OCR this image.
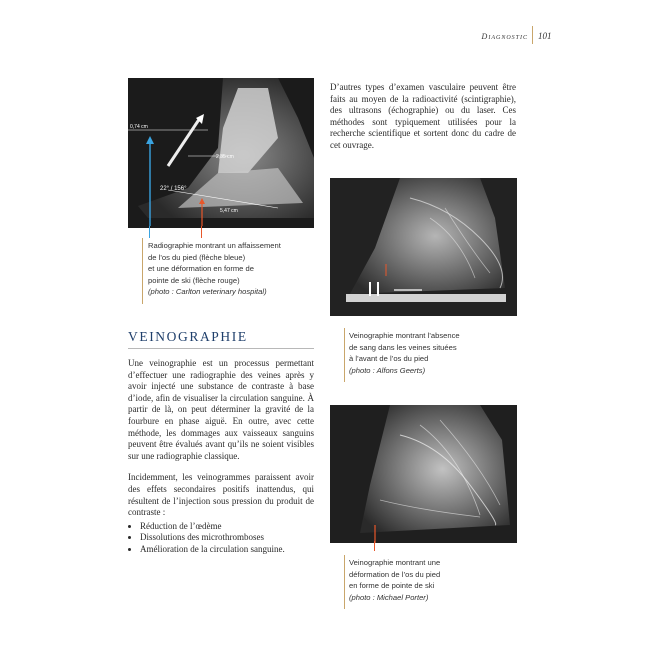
Diagnostic 101
0,74 cm
2,35 cm
22° / 156°
5,47 cm
Radiographie montrant un affaissement
de l’os du pied (flèche bleue)
et une déformation en forme de
pointe de ski (flèche rouge)
(photo : Carlton veterinary hospital)
VEINOGRAPHIE

Une veinographie est un processus permettant d’effectuer une radiographie des veines après y avoir injecté une substance de contraste à base d’iode, afin de visualiser la circulation sanguine. À partir de là, on peut déterminer la gravité de la fourbure en phase aiguë. En outre, avec cette méthode, les dommages aux vaisseaux sanguins peuvent être évalués avant qu’ils ne soient visibles sur une radiographie classique.

Incidemment, les veinogrammes paraissent avoir des effets secondaires positifs inattendus, qui résultent de l’injection sous pression du produit de contraste :

• Réduction de l’œdème
• Dissolutions des microthromboses
• Amélioration de la circulation sanguine.
D’autres types d’examen vasculaire peuvent être faits au moyen de la radioactivité (scintigraphie), des ultrasons (échographie) ou du laser. Ces méthodes sont typiquement utilisées pour la recherche scientifique et sortent donc du cadre de cet ouvrage.
Veinographie montrant l’absence
de sang dans les veines situées
à l’avant de l’os du pied
(photo : Alfons Geerts)
Veinographie montrant une
déformation de l’os du pied
en forme de pointe de ski
(photo : Michael Porter)
